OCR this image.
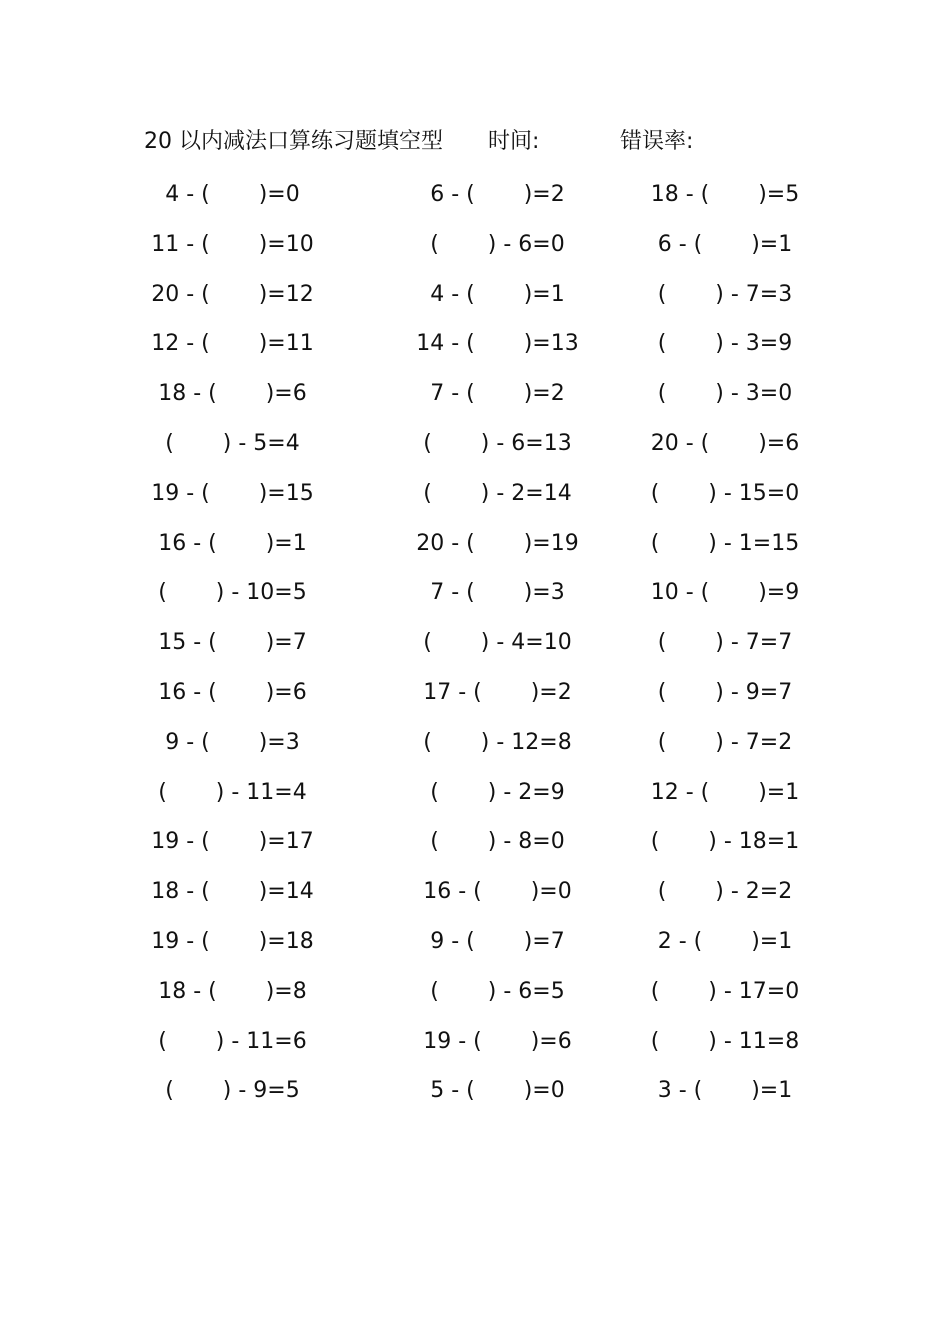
20 以内减法口算练习题填空型 时间:	错误率:
4 - (       )=0	6 - (       )=2	18 - (       )=5
11 - (       )=10	(       ) - 6=0	6 - (       )=1
20 - (       )=12	4 - (       )=1	(       ) - 7=3
12 - (       )=11	14 - (       )=13	(       ) - 3=9
18 - (       )=6	7 - (       )=2	(       ) - 3=0
(       ) - 5=4	(       ) - 6=13	20 - (       )=6
19 - (       )=15	(       ) - 2=14	(       ) - 15=0
16 - (       )=1	20 - (       )=19	(       ) - 1=15
(       ) - 10=5	7 - (       )=3	10 - (       )=9
15 - (       )=7	(       ) - 4=10	(       ) - 7=7
16 - (       )=6	17 - (       )=2	(       ) - 9=7
9 - (       )=3	(       ) - 12=8	(       ) - 7=2
(       ) - 11=4	(       ) - 2=9	12 - (       )=1
19 - (       )=17	(       ) - 8=0	(       ) - 18=1
18 - (       )=14	16 - (       )=0	(       ) - 2=2
19 - (       )=18	9 - (       )=7	2 - (       )=1
18 - (       )=8	(       ) - 6=5	(       ) - 17=0
(       ) - 11=6	19 - (       )=6	(       ) - 11=8
(       ) - 9=5	5 - (       )=0	3 - (       )=1
